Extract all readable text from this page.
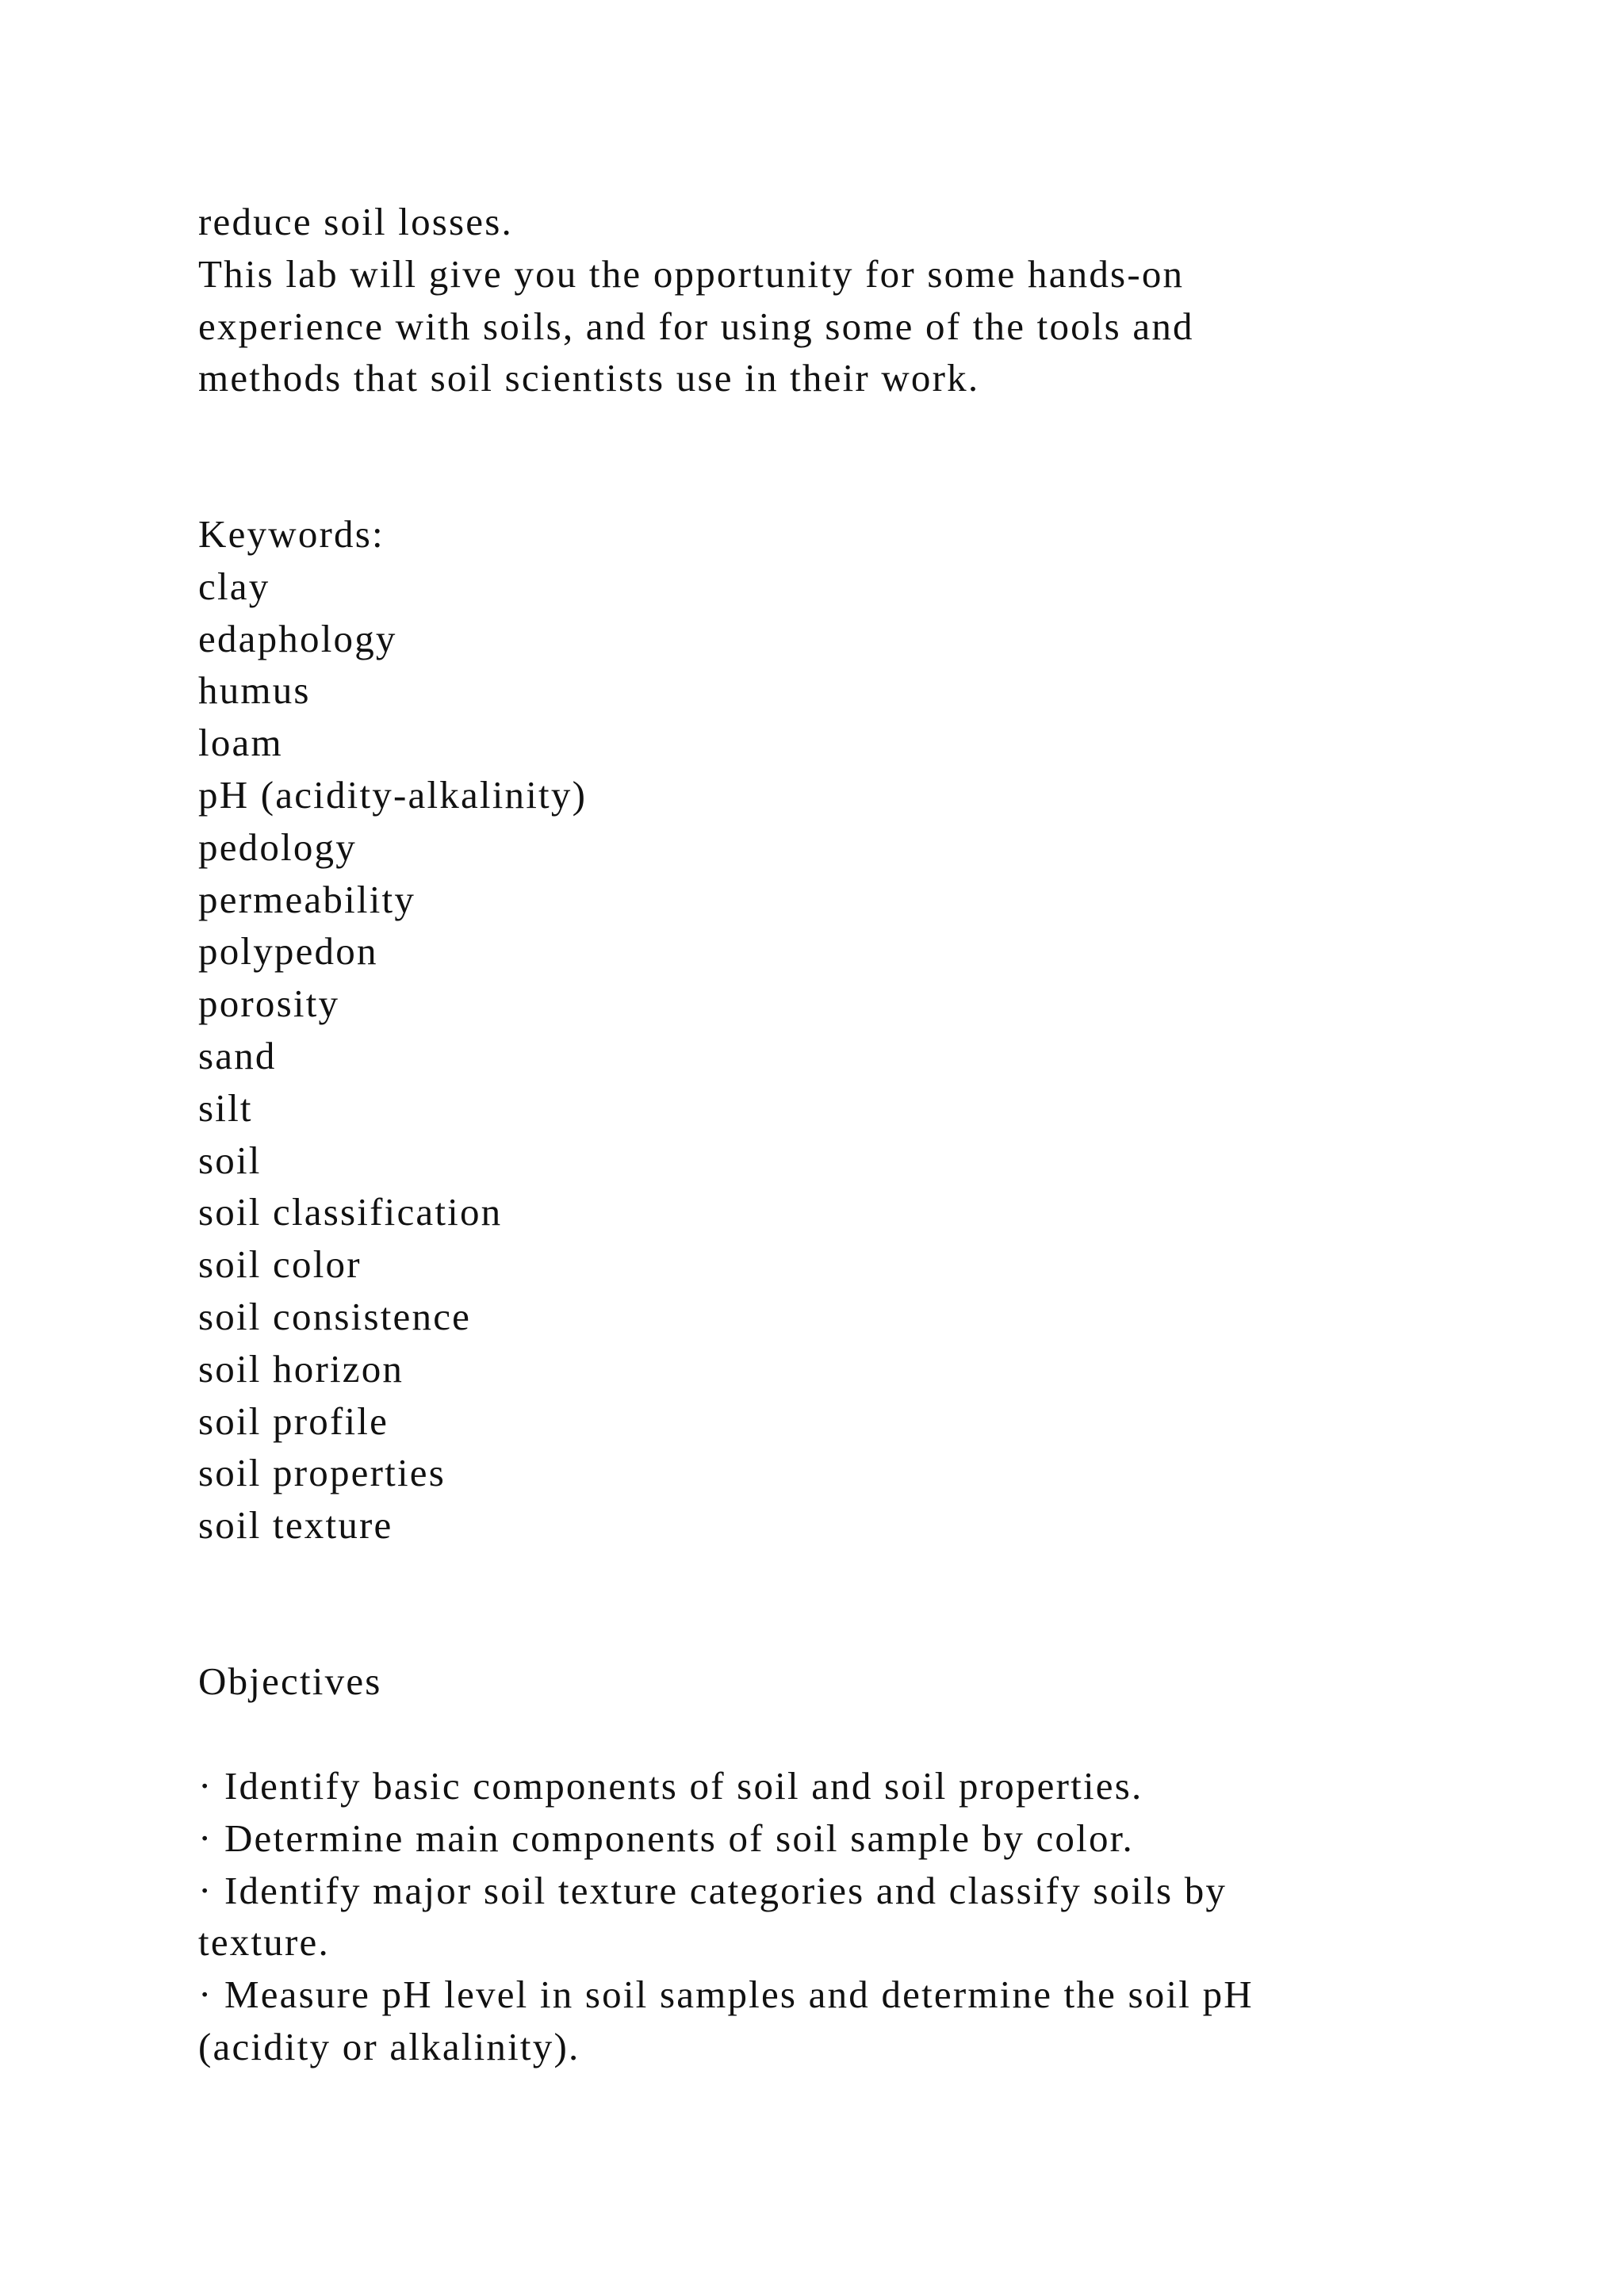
reduce soil losses.
This lab will give you the opportunity for some hands-on
experience with soils, and for using some of the tools and
methods that soil scientists use in their work.
Keywords:
clay
edaphology
humus
loam
pH (acidity-alkalinity)
pedology
permeability
polypedon
porosity
sand
silt
soil
soil classification
soil color
soil consistence
soil horizon
soil profile
soil properties
soil texture
Objectives
· Identify basic components of soil and soil properties.
· Determine main components of soil sample by color.
· Identify major soil texture categories and classify soils by
texture.
· Measure pH level in soil samples and determine the soil pH
(acidity or alkalinity).
